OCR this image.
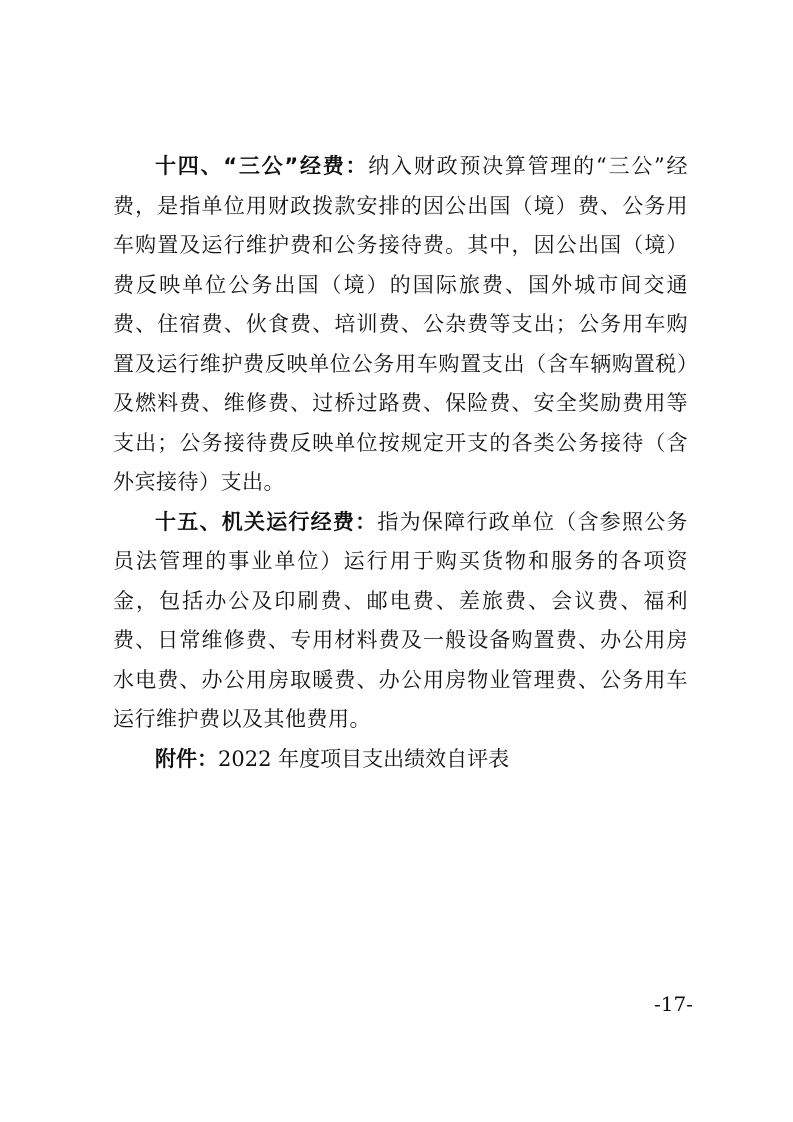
十四、“三公”经费：纳入财政预决算管理的“三公”经费，是指单位用财政拨款安排的因公出国（境）费、公务用车购置及运行维护费和公务接待费。其中，因公出国（境）费反映单位公务出国（境）的国际旅费、国外城市间交通费、住宿费、伙食费、培训费、公杂费等支出；公务用车购置及运行维护费反映单位公务用车购置支出（含车辆购置税）及燃料费、维修费、过桥过路费、保险费、安全奖励费用等支出；公务接待费反映单位按规定开支的各类公务接待（含外宾接待）支出。

十五、机关运行经费：指为保障行政单位（含参照公务员法管理的事业单位）运行用于购买货物和服务的各项资金，包括办公及印刷费、邮电费、差旅费、会议费、福利费、日常维修费、专用材料费及一般设备购置费、办公用房水电费、办公用房取暖费、办公用房物业管理费、公务用车运行维护费以及其他费用。

附件：2022 年度项目支出绩效自评表

-17-
